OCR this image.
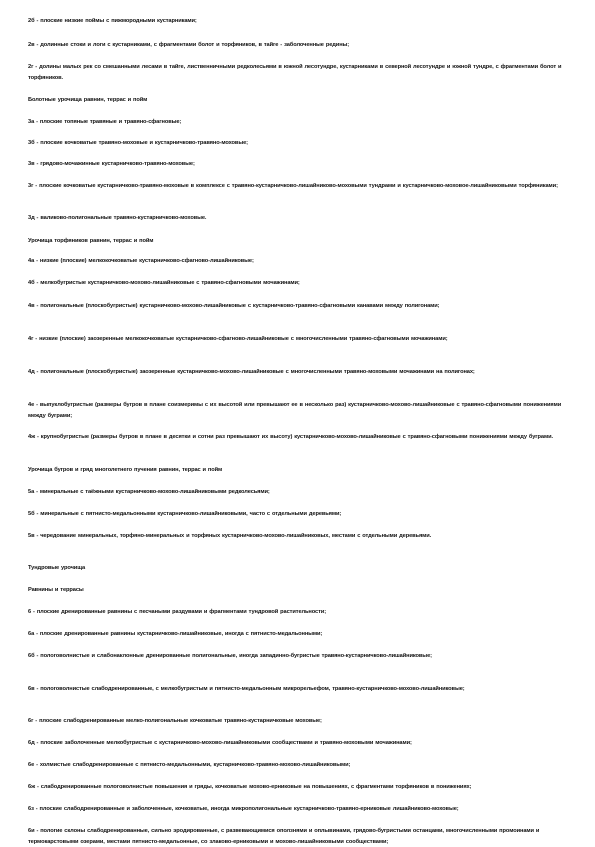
2б - плоские низкие поймы с пижмородными кустарниками;
2в - долинные стоки и логи с кустарниками, с фрагментами болот и торфяников, в тайге - заболоченные редины;
2г - долины малых рек со смешанными лесами в тайге, лиственничными редколесьями в южной лесотундре, кустарниками в северной лесотундре и южной тундре, с фрагментами болот и торфяников.
Болотные урочища равнин, террас и пойм
3а - плоские топяные травяные и травяно-сфагновые;
3б - плоские кочковатые травяно-моховые и кустарничково-травяно-моховые;
3в - грядово-мочажинные кустарничково-травяно-моховые;
3г - плоские кочковатые кустарничково-травяно-моховые в комплексе с травяно-кустарничково-лишайниково-моховыми тундрами и кустарничково-моховое-лишайниковыми торфяниками;
3д - валиково-полигональные травяно-кустарничково-моховые.
Урочища торфяников равнин, террас и пойм
4а - низкие (плоские) мелкокочковатые кустарничково-сфагново-лишайниковые;
4б - мелкобугристые кустарничково-мохово-лишайниковые с травяно-сфагновыми мочажинами;
4в - полигональные (плоскобугристые) кустарничково-мохово-лишайниковые с кустарничково-травяно-сфагновыми канавами между полигонами;
4г - низкие (плоские) заозеренные мелкокочковатые кустарничково-сфагново-лишайниковые с многочисленными травяно-сфагновыми мочажинами;
4д - полигональные (плоскобугристые) заозеренные кустарничково-мохово-лишайниковые с многочисленными травяно-моховыми мочажинами на полигонах;
4е - выпуклобугристые (размеры бугров в плане соизмеримы с их высотой или превышают ее в несколько раз) кустарничково-мохово-лишайниковые с травяно-сфагновыми понижениями между буграми;
4ж - крупнобугристые (размеры бугров в плане в десятки и сотни раз превышают их высоту) кустарничково-мохово-лишайниковые с травяно-сфагновыми понижениями между буграми.
Урочища бугров и гряд многолетнего пучения равнин, террас и пойм
5а - минеральные с таёжными кустарничково-мохово-лишайниковыми редколесьями;
5б - минеральные с пятнисто-медальонными кустарничково-лишайниковыми, часто с отдельными деревьями;
5в - чередование минеральных, торфяно-минеральных и торфяных кустарничково-мохово-лишайниковых, местами с отдельными деревьями.
Тундровые урочища
Равнины и террасы
6 - плоские дренированные равнины с песчаными раздувами и фрагментами тундровой растительности;
6а - плоские дренированные равнины кустарничково-лишайниковые, иногда с пятнисто-медальонными;
6б - пологоволнистые и слабонаклонные дренированные полигональные, иногда западинно-бугристые травяно-кустарничково-лишайниковые;
6в - пологоволнистые слабодренированные, с мелкобугристым и пятнисто-медальонным микрорельефом, травяно-кустарничково-мохово-лишайниковые;
6г - плоские слабодренированные мелко-полигональные кочковатые травяно-кустарничковые моховые;
6д - плоские заболоченные мелкобугристые с кустарничково-мохово-лишайниковыми сообществами и травяно-моховыми мочажинами;
6е - холмистые слабодренированные с пятнисто-медальонными, кустарничково-травяно-мохово-лишайниковыми;
6ж - слабодренированные пологоволнистые повышения и гряды, кочковатые мохово-ерниковые на повышениях, с фрагментами торфяников в понижениях;
6з - плоские слабодренированные и заболоченные, кочковатые, иногда микрополигональные кустарничково-травяно-ерниковые лишайниково-моховые;
6и - пологие склоны слабодренированные, сильно эродированные, с развевающимися оползнями и оплывинами, грядово-бугристыми останцами, многочисленными промоинами и термокарстовыми озерами, местами пятнисто-медальонные, со злаково-ерниковыми и мохово-лишайниковыми сообществами;
